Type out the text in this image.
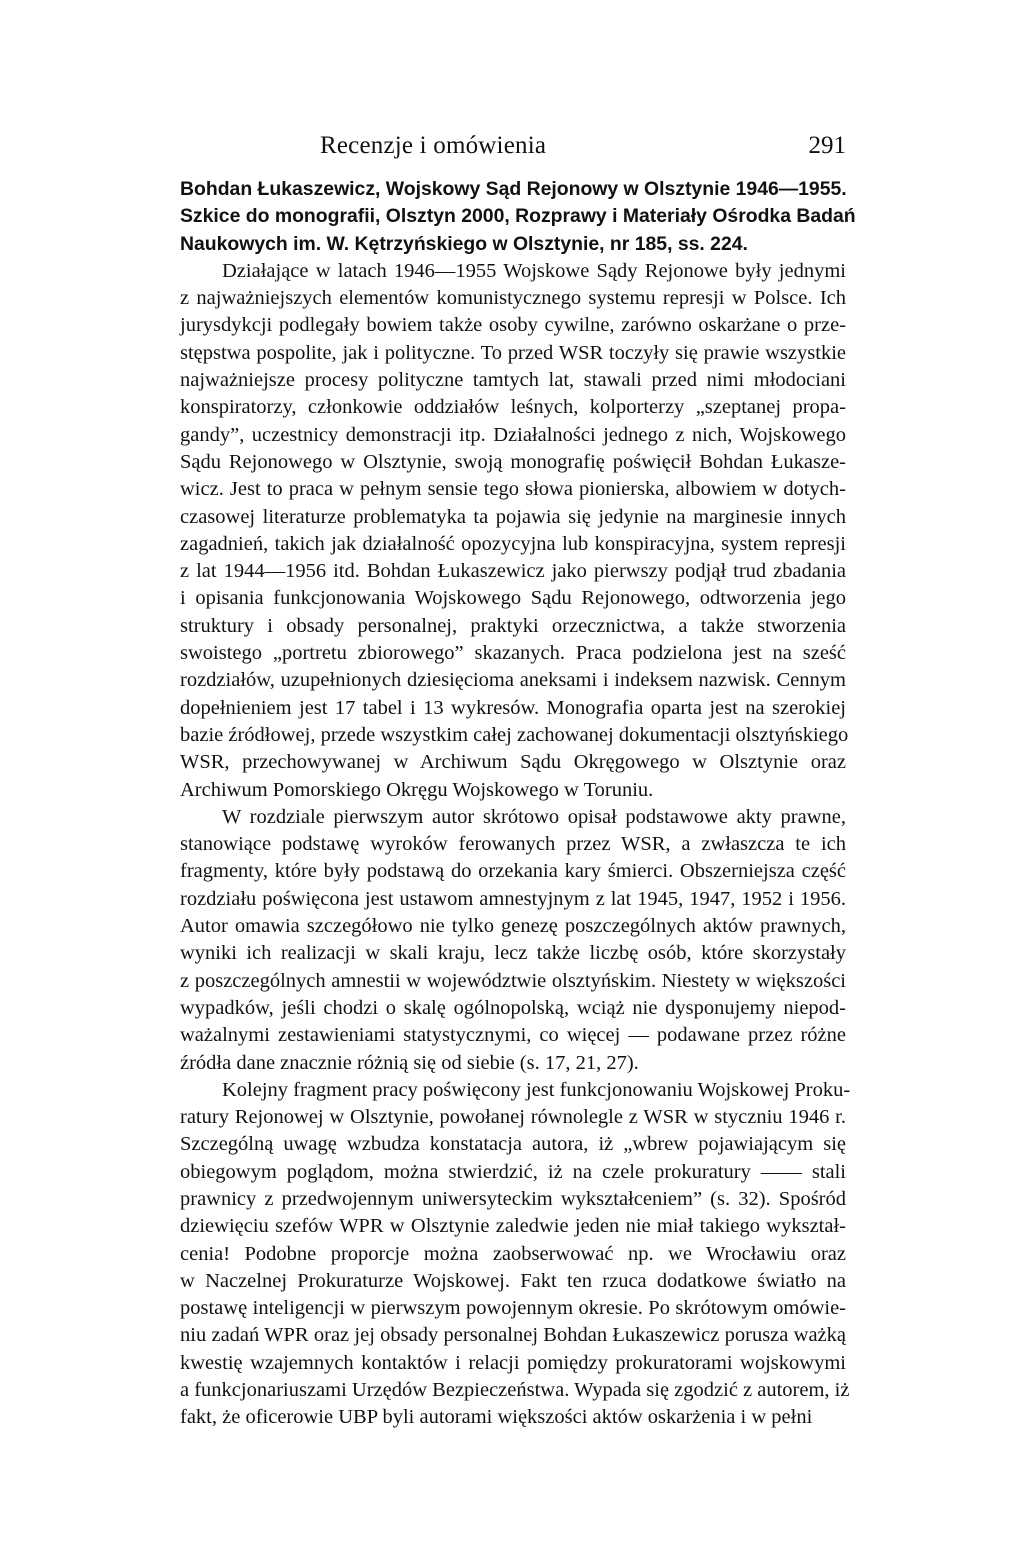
Recenzje i omówienia	291
Bohdan Łukaszewicz, Wojskowy Sąd Rejonowy w Olsztynie 1946—1955.
Szkice do monografii, Olsztyn 2000, Rozprawy i Materiały Ośrodka Badań
Naukowych im. W. Kętrzyńskiego w Olsztynie, nr 185, ss. 224.
Działające w latach 1946—1955 Wojskowe Sądy Rejonowe były jednymi
z najważniejszych elementów komunistycznego systemu represji w Polsce. Ich
jurysdykcji podlegały bowiem także osoby cywilne, zarówno oskarżane o prze-
stępstwa pospolite, jak i polityczne. To przed WSR toczyły się prawie wszystkie
najważniejsze procesy polityczne tamtych lat, stawali przed nimi młodociani
konspiratorzy, członkowie oddziałów leśnych, kolporterzy „szeptanej propa-
gandy”, uczestnicy demonstracji itp. Działalności jednego z nich, Wojskowego
Sądu Rejonowego w Olsztynie, swoją monografię poświęcił Bohdan Łukasze-
wicz. Jest to praca w pełnym sensie tego słowa pionierska, albowiem w dotych-
czasowej literaturze problematyka ta pojawia się jedynie na marginesie innych
zagadnień, takich jak działalność opozycyjna lub konspiracyjna, system represji
z lat 1944—1956 itd. Bohdan Łukaszewicz jako pierwszy podjął trud zbadania
i opisania funkcjonowania Wojskowego Sądu Rejonowego, odtworzenia jego
struktury i obsady personalnej, praktyki orzecznictwa, a także stworzenia
swoistego „portretu zbiorowego” skazanych. Praca podzielona jest na sześć
rozdziałów, uzupełnionych dziesięcioma aneksami i indeksem nazwisk. Cennym
dopełnieniem jest 17 tabel i 13 wykresów. Monografia oparta jest na szerokiej
bazie źródłowej, przede wszystkim całej zachowanej dokumentacji olsztyńskiego
WSR, przechowywanej w Archiwum Sądu Okręgowego w Olsztynie oraz
Archiwum Pomorskiego Okręgu Wojskowego w Toruniu.
W rozdziale pierwszym autor skrótowo opisał podstawowe akty prawne,
stanowiące podstawę wyroków ferowanych przez WSR, a zwłaszcza te ich
fragmenty, które były podstawą do orzekania kary śmierci. Obszerniejsza część
rozdziału poświęcona jest ustawom amnestyjnym z lat 1945, 1947, 1952 i 1956.
Autor omawia szczegółowo nie tylko genezę poszczególnych aktów prawnych,
wyniki ich realizacji w skali kraju, lecz także liczbę osób, które skorzystały
z poszczególnych amnestii w województwie olsztyńskim. Niestety w większości
wypadków, jeśli chodzi o skalę ogólnopolską, wciąż nie dysponujemy niepod-
ważalnymi zestawieniami statystycznymi, co więcej — podawane przez różne
źródła dane znacznie różnią się od siebie (s. 17, 21, 27).
Kolejny fragment pracy poświęcony jest funkcjonowaniu Wojskowej Proku-
ratury Rejonowej w Olsztynie, powołanej równolegle z WSR w styczniu 1946 r.
Szczególną uwagę wzbudza konstatacja autora, iż „wbrew pojawiającym się
obiegowym poglądom, można stwierdzić, iż na czele prokuratury —— stali
prawnicy z przedwojennym uniwersyteckim wykształceniem” (s. 32). Spośród
dziewięciu szefów WPR w Olsztynie zaledwie jeden nie miał takiego wykształ-
cenia! Podobne proporcje można zaobserwować np. we Wrocławiu oraz
w Naczelnej Prokuraturze Wojskowej. Fakt ten rzuca dodatkowe światło na
postawę inteligencji w pierwszym powojennym okresie. Po skrótowym omówie-
niu zadań WPR oraz jej obsady personalnej Bohdan Łukaszewicz porusza ważką
kwestię wzajemnych kontaktów i relacji pomiędzy prokuratorami wojskowymi
a funkcjonariuszami Urzędów Bezpieczeństwa. Wypada się zgodzić z autorem, iż
fakt, że oficerowie UBP byli autorami większości aktów oskarżenia i w pełni
